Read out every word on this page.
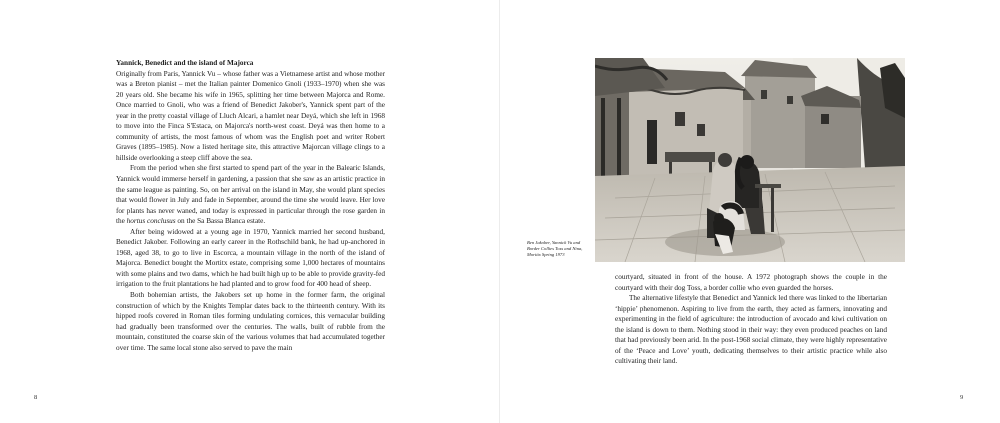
Yannick, Benedict and the island of Majorca

Originally from Paris, Yannick Vu – whose father was a Vietnamese artist and whose mother was a Breton pianist – met the Italian painter Domenico Gnoli (1933–1970) when she was 20 years old. She became his wife in 1965, splitting her time between Majorca and Rome. Once married to Gnoli, who was a friend of Benedict Jakober's, Yannick spent part of the year in the pretty coastal village of Lluch Alcari, a hamlet near Deyá, which she left in 1968 to move into the Finca S'Estaca, on Majorca's north-west coast. Deyá was then home to a community of artists, the most famous of whom was the English poet and writer Robert Graves (1895–1985). Now a listed heritage site, this attractive Majorcan village clings to a hillside overlooking a steep cliff above the sea.

From the period when she first started to spend part of the year in the Balearic Islands, Yannick would immerse herself in gardening, a passion that she saw as an artistic practice in the same league as painting. So, on her arrival on the island in May, she would plant species that would flower in July and fade in September, around the time she would leave. Her love for plants has never waned, and today is expressed in particular through the rose garden in the hortus conclusus on the Sa Bassa Blanca estate.

After being widowed at a young age in 1970, Yannick married her second husband, Benedict Jakober. Following an early career in the Rothschild bank, he had up-anchored in 1968, aged 38, to go to live in Escorca, a mountain village in the north of the island of Majorca. Benedict bought the Mortitx estate, comprising some 1,000 hectares of mountains with some plains and two dams, which he had built high up to be able to provide gravity-fed irrigation to the fruit plantations he had planted and to grow food for 400 head of sheep.

Both bohemian artists, the Jakobers set up home in the former farm, the original construction of which by the Knights Templar dates back to the thirteenth century. With its hipped roofs covered in Roman tiles forming undulating cornices, this vernacular building had gradually been transformed over the centuries. The walls, built of rubble from the mountain, constituted the coarse skin of the various volumes that had accumulated together over time. The same local stone also served to pave the main

8
Ben Jakober, Yannick Vu and
Border Collies Toss and Nina,
Mortitx Spring 1973

courtyard, situated in front of the house. A 1972 photograph shows the couple in the courtyard with their dog Toss, a border collie who even guarded the horses.

The alternative lifestyle that Benedict and Yannick led there was linked to the libertarian ‘hippie’ phenomenon. Aspiring to live from the earth, they acted as farmers, innovating and experimenting in the field of agriculture: the introduction of avocado and kiwi cultivation on the island is down to them. Nothing stood in their way: they even produced peaches on land that had previously been arid. In the post-1968 social climate, they were highly representative of the ‘Peace and Love’ youth, dedicating themselves to their artistic practice while also cultivating their land.

9
